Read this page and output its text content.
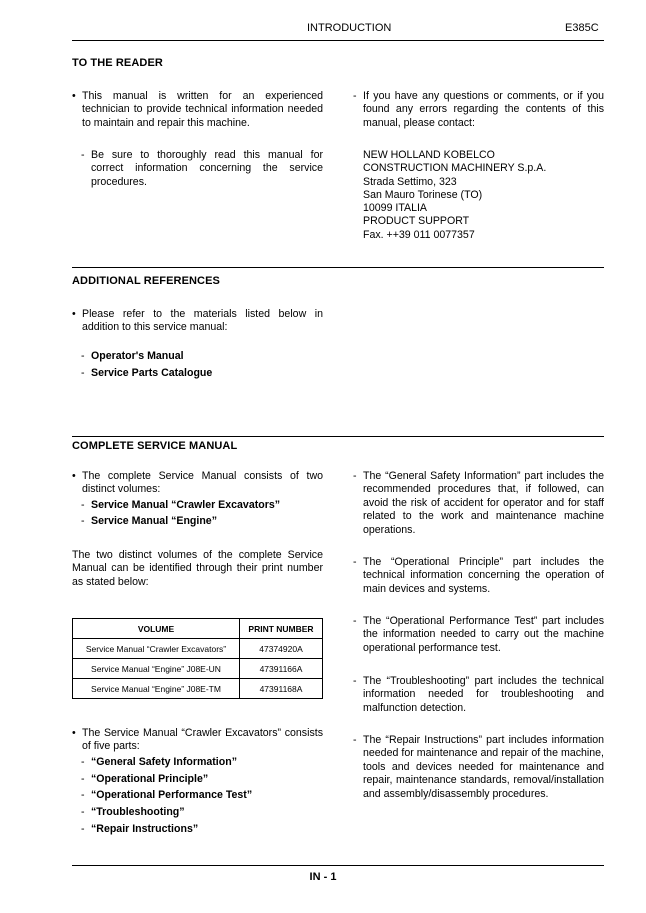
INTRODUCTION	E385C
TO THE READER
• This manual is written for an experienced technician to provide technical information needed to maintain and repair this machine.
- Be sure to thoroughly read this manual for correct information concerning the service procedures.
- If you have any questions or comments, or if you found any errors regarding the contents of this manual, please contact:
NEW HOLLAND KOBELCO
CONSTRUCTION MACHINERY S.p.A.
Strada Settimo, 323
San Mauro Torinese (TO)
10099 ITALIA
PRODUCT SUPPORT
Fax. ++39 011 0077357
ADDITIONAL REFERENCES
• Please refer to the materials listed below in addition to this service manual:
- Operator's Manual
- Service Parts Catalogue
COMPLETE SERVICE MANUAL
• The complete Service Manual consists of two distinct volumes:
- Service Manual “Crawler Excavators”
- Service Manual “Engine”
The two distinct volumes of the complete Service Manual can be identified through their print number as stated below:
VOLUME	PRINT NUMBER
Service Manual “Crawler Excavators”	47374920A
Service Manual “Engine” J08E-UN	47391166A
Service Manual “Engine” J08E-TM	47391168A
• The Service Manual “Crawler Excavators” consists of five parts:
- “General Safety Information”
- “Operational Principle”
- “Operational Performance Test”
- “Troubleshooting”
- “Repair Instructions”
- The “General Safety Information” part includes the recommended procedures that, if followed, can avoid the risk of accident for operator and for staff related to the work and maintenance machine operations.
- The “Operational Principle” part includes the technical information concerning the operation of main devices and systems.
- The “Operational Performance Test” part includes the information needed to carry out the machine operational performance test.
- The “Troubleshooting” part includes the technical information needed for troubleshooting and malfunction detection.
- The “Repair Instructions” part includes information needed for maintenance and repair of the machine, tools and devices needed for maintenance and repair, maintenance standards, removal/installation and assembly/disassembly procedures.
IN - 1
